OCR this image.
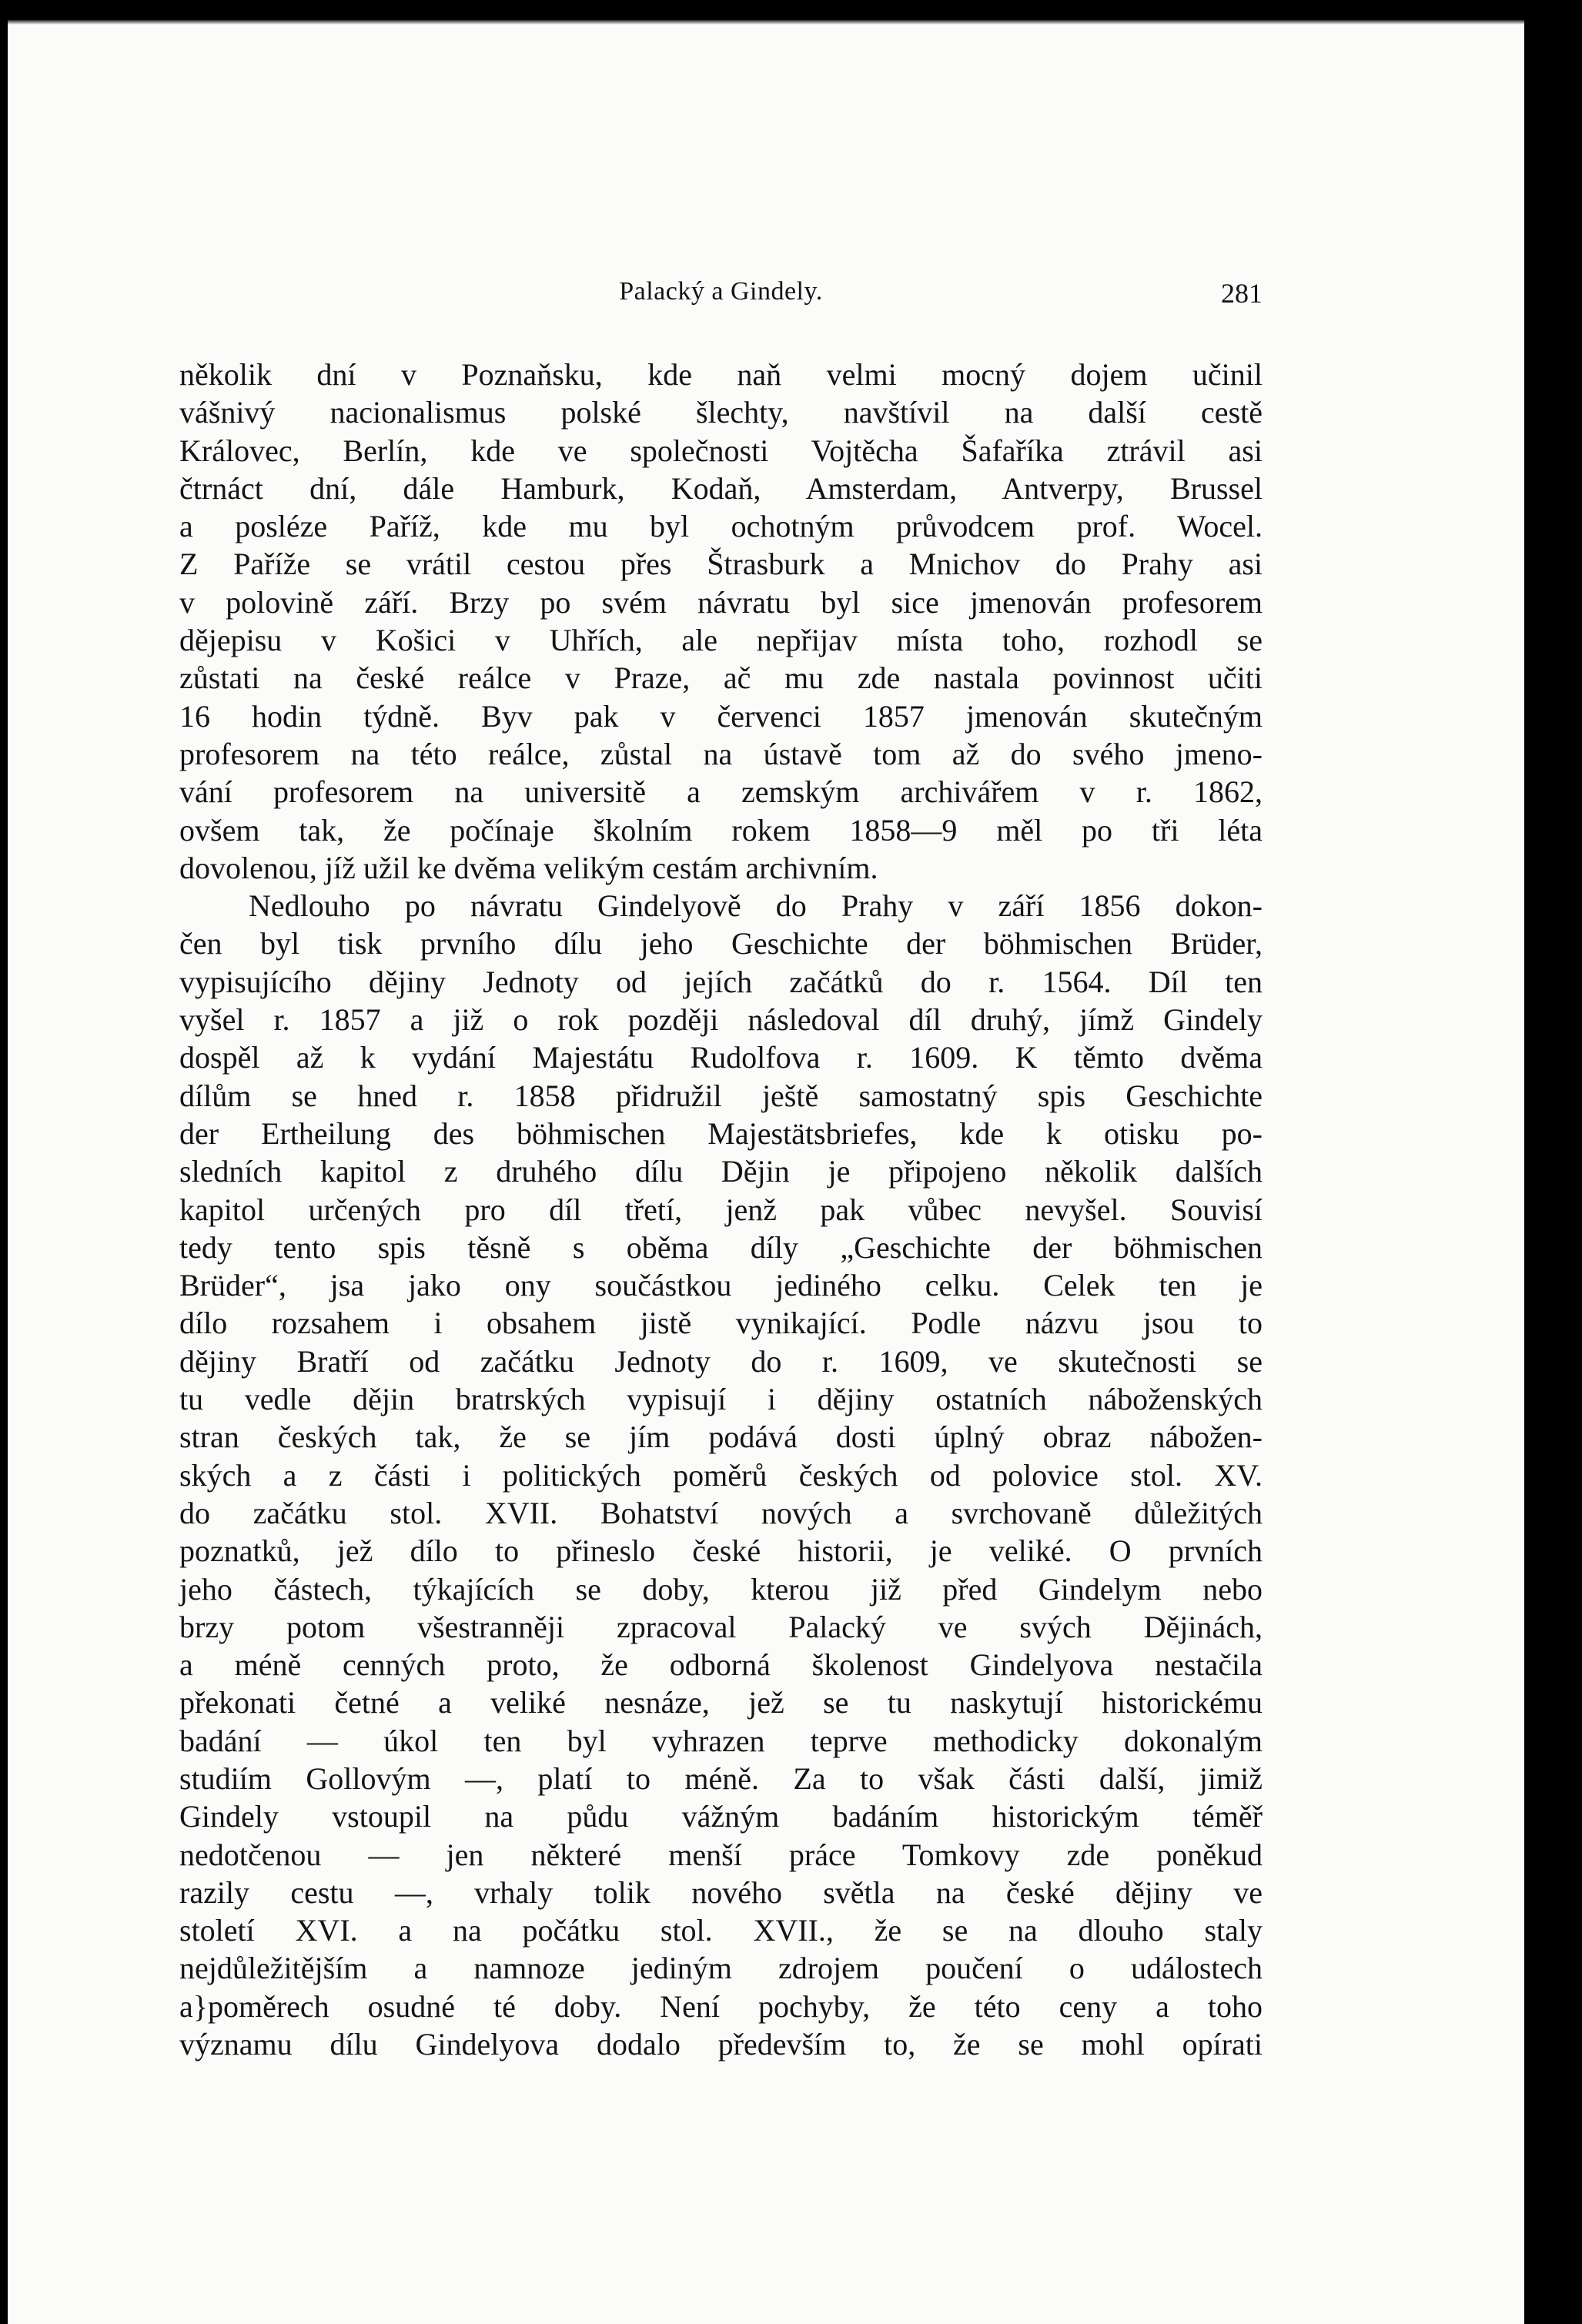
Palacký a Gindely.	281
několik dní v Poznaňsku, kde naň velmi mocný dojem učinil
vášnivý nacionalismus polské šlechty, navštívil na další cestě
Královec, Berlín, kde ve společnosti Vojtěcha Šafaříka ztrávil asi
čtrnáct dní, dále Hamburk, Kodaň, Amsterdam, Antverpy, Brussel
a posléze Paříž, kde mu byl ochotným průvodcem prof. Wocel.
Z Paříže se vrátil cestou přes Štrasburk a Mnichov do Prahy asi
v polovině září. Brzy po svém návratu byl sice jmenován profesorem
dějepisu v Košici v Uhřích, ale nepřijav místa toho, rozhodl se
zůstati na české reálce v Praze, ač mu zde nastala povinnost učiti
16 hodin týdně. Byv pak v červenci 1857 jmenován skutečným
profesorem na této reálce, zůstal na ústavě tom až do svého jmeno-
vání profesorem na universitě a zemským archivářem v r. 1862,
ovšem tak, že počínaje školním rokem 1858—9 měl po tři léta
dovolenou, jíž užil ke dvěma velikým cestám archivním.
Nedlouho po návratu Gindelyově do Prahy v září 1856 dokon-
čen byl tisk prvního dílu jeho Geschichte der böhmischen Brüder,
vypisujícího dějiny Jednoty od jejích začátků do r. 1564. Díl ten
vyšel r. 1857 a již o rok později následoval díl druhý, jímž Gindely
dospěl až k vydání Majestátu Rudolfova r. 1609. K těmto dvěma
dílům se hned r. 1858 přidružil ještě samostatný spis Geschichte
der Ertheilung des böhmischen Majestätsbriefes, kde k otisku po-
sledních kapitol z druhého dílu Dějin je připojeno několik dalších
kapitol určených pro díl třetí, jenž pak vůbec nevyšel. Souvisí
tedy tento spis těsně s oběma díly „Geschichte der böhmischen
Brüder“, jsa jako ony součástkou jediného celku. Celek ten je
dílo rozsahem i obsahem jistě vynikající. Podle názvu jsou to
dějiny Bratří od začátku Jednoty do r. 1609, ve skutečnosti se
tu vedle dějin bratrských vypisují i dějiny ostatních náboženských
stran českých tak, že se jím podává dosti úplný obraz nábožen-
ských a z části i politických poměrů českých od polovice stol. XV.
do začátku stol. XVII. Bohatství nových a svrchovaně důležitých
poznatků, jež dílo to přineslo české historii, je veliké. O prvních
jeho částech, týkajících se doby, kterou již před Gindelym nebo
brzy potom všestranněji zpracoval Palacký ve svých Dějinách,
a méně cenných proto, že odborná školenost Gindelyova nestačila
překonati četné a veliké nesnáze, jež se tu naskytují historickému
badání — úkol ten byl vyhrazen teprve methodicky dokonalým
studiím Gollovým —, platí to méně. Za to však části další, jimiž
Gindely vstoupil na půdu vážným badáním historickým téměř
nedotčenou — jen některé menší práce Tomkovy zde poněkud
razily cestu —, vrhaly tolik nového světla na české dějiny ve
století XVI. a na počátku stol. XVII., že se na dlouho staly
nejdůležitějším a namnoze jediným zdrojem poučení o událostech
a}poměrech osudné té doby. Není pochyby, že této ceny a toho
významu dílu Gindelyova dodalo především to, že se mohl opírati
